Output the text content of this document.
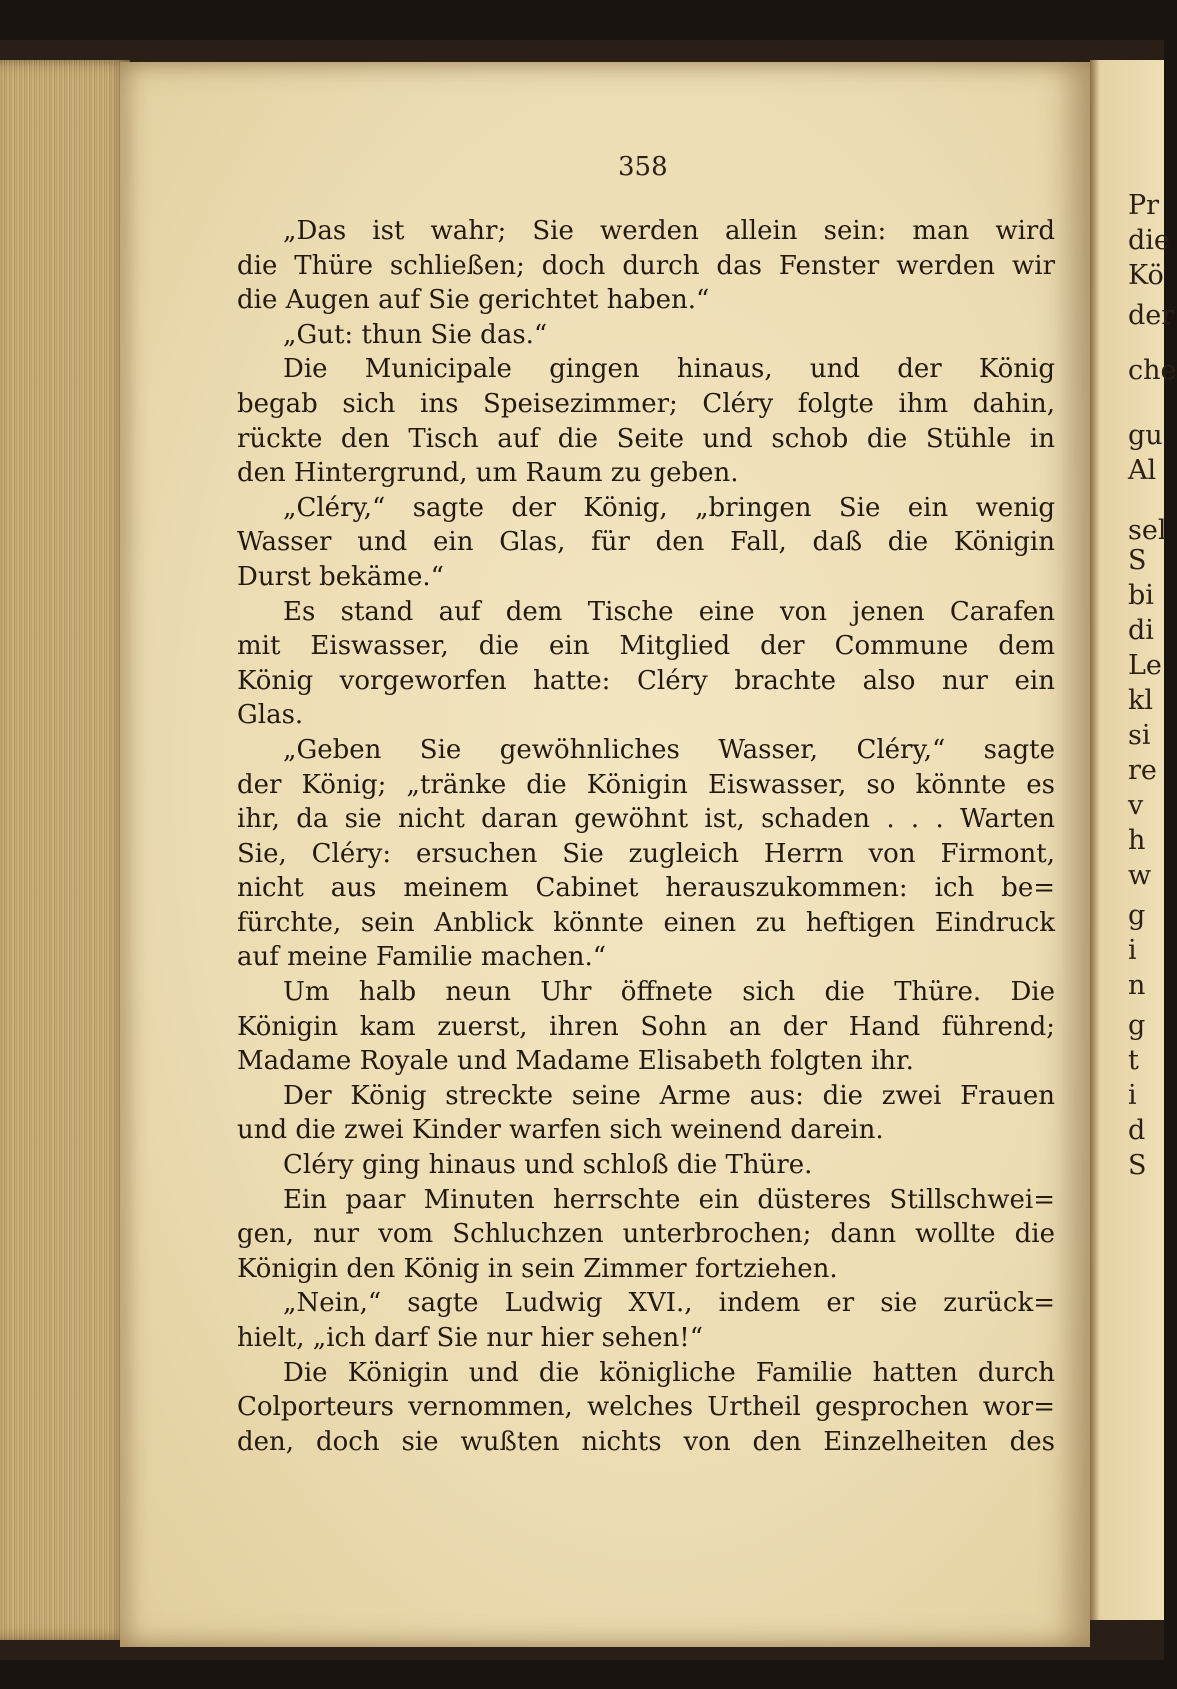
Pr
die
Kö
der
che
gu
Al
sel
S
bi
di
Le
kl
si
re
v
h
w
g
i
n
g
t
i
d
S
358
„Das ist wahr; Sie werden allein sein: man wird
die Thüre schließen; doch durch das Fenster werden wir
die Augen auf Sie gerichtet haben.“
„Gut: thun Sie das.“
Die Municipale gingen hinaus, und der König
begab sich ins Speisezimmer; Cléry folgte ihm dahin,
rückte den Tisch auf die Seite und schob die Stühle in
den Hintergrund, um Raum zu geben.
„Cléry,“ sagte der König, „bringen Sie ein wenig
Wasser und ein Glas, für den Fall, daß die Königin
Durst bekäme.“
Es stand auf dem Tische eine von jenen Carafen
mit Eiswasser, die ein Mitglied der Commune dem
König vorgeworfen hatte: Cléry brachte also nur ein
Glas.
„Geben Sie gewöhnliches Wasser, Cléry,“ sagte
der König; „tränke die Königin Eiswasser, so könnte es
ihr, da sie nicht daran gewöhnt ist, schaden . . . Warten
Sie, Cléry: ersuchen Sie zugleich Herrn von Firmont,
nicht aus meinem Cabinet herauszukommen: ich be=
fürchte, sein Anblick könnte einen zu heftigen Eindruck
auf meine Familie machen.“
Um halb neun Uhr öffnete sich die Thüre. Die
Königin kam zuerst, ihren Sohn an der Hand führend;
Madame Royale und Madame Elisabeth folgten ihr.
Der König streckte seine Arme aus: die zwei Frauen
und die zwei Kinder warfen sich weinend darein.
Cléry ging hinaus und schloß die Thüre.
Ein paar Minuten herrschte ein düsteres Stillschwei=
gen, nur vom Schluchzen unterbrochen; dann wollte die
Königin den König in sein Zimmer fortziehen.
„Nein,“ sagte Ludwig XVI., indem er sie zurück=
hielt, „ich darf Sie nur hier sehen!“
Die Königin und die königliche Familie hatten durch
Colporteurs vernommen, welches Urtheil gesprochen wor=
den, doch sie wußten nichts von den Einzelheiten des
